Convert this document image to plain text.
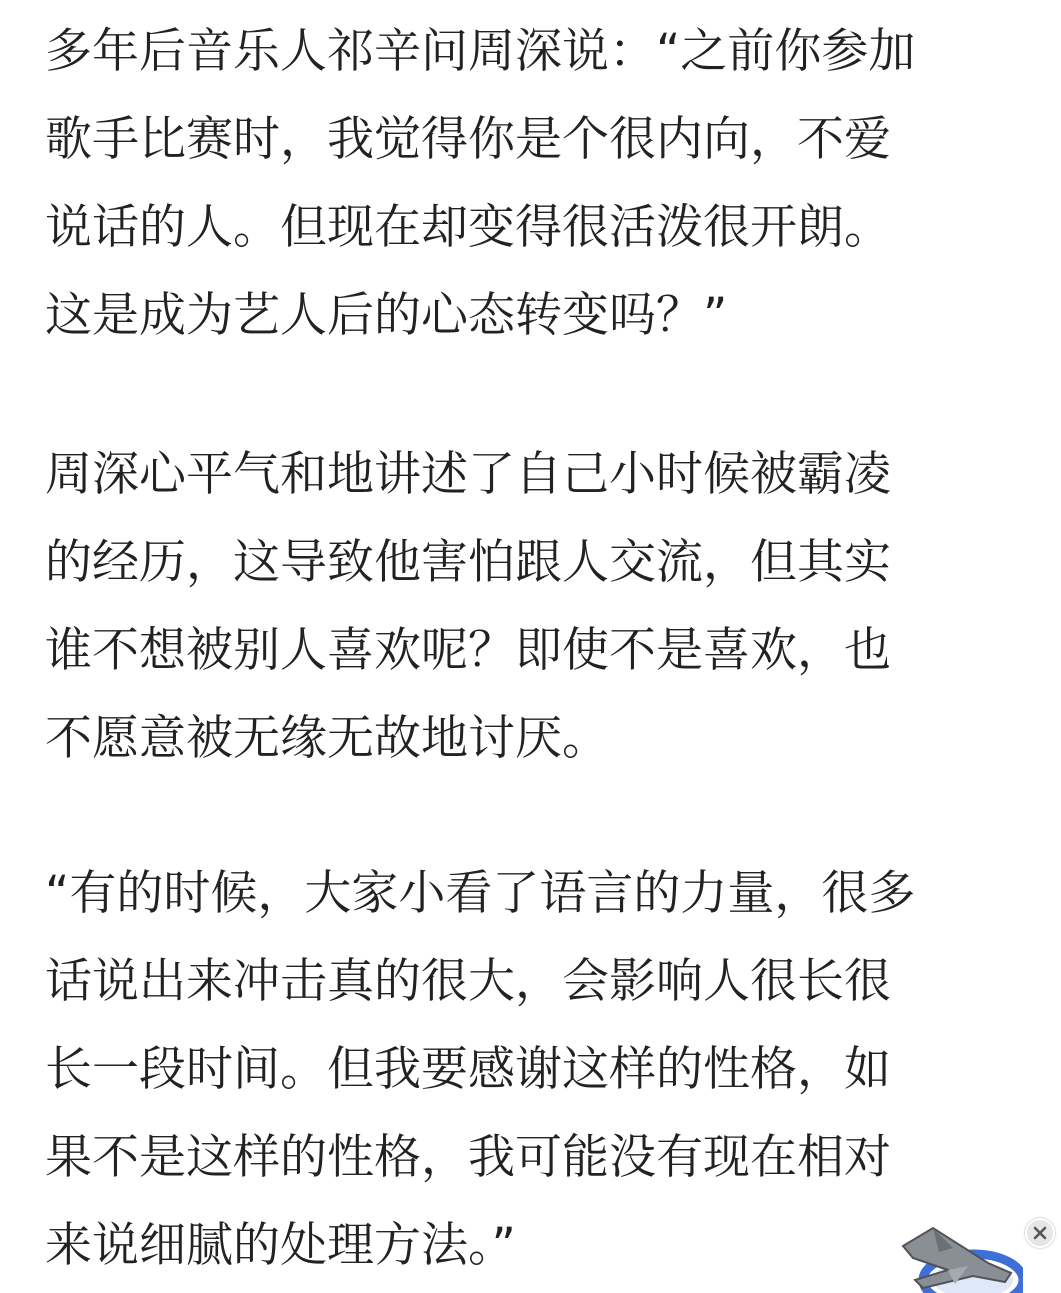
多年后音乐人祁辛问周深说：“之前你参加
歌手比赛时，我觉得你是个很内向，不爱
说话的人。但现在却变得很活泼很开朗。
这是成为艺人后的心态转变吗？”
周深心平气和地讲述了自己小时候被霸凌
的经历，这导致他害怕跟人交流，但其实
谁不想被别人喜欢呢？即使不是喜欢，也
不愿意被无缘无故地讨厌。
“有的时候，大家小看了语言的力量，很多
话说出来冲击真的很大，会影响人很长很
长一段时间。但我要感谢这样的性格，如
果不是这样的性格，我可能没有现在相对
来说细腻的处理方法。”
